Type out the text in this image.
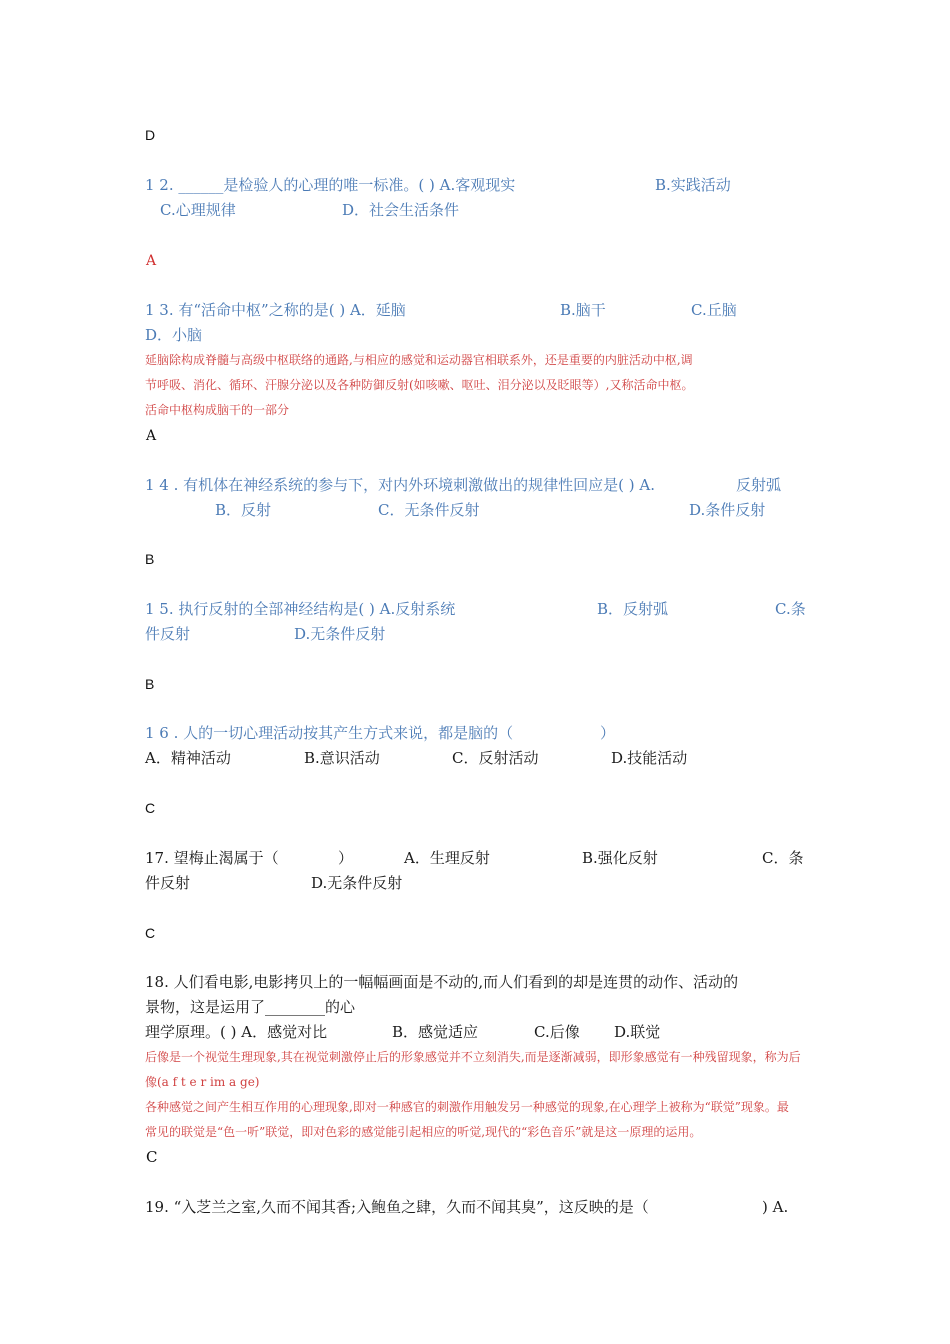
D
1 2. ______是检验人的心理的唯一标准。( ) A.客观现实	B.实践活动
C.心理规律	D．社会生活条件
A
1 3. 有“活命中枢”之称的是( ) A．延脑	B.脑干	C.丘脑
D．小脑
延脑除构成脊髓与高级中枢联络的通路,与相应的感觉和运动器官相联系外，还是重要的内脏活动中枢,调
节呼吸、消化、循环、汗腺分泌以及各种防御反射(如咳嗽、呕吐、泪分泌以及眨眼等）,又称活命中枢。
活命中枢构成脑干的一部分
A
1 4 . 有机体在神经系统的参与下，对内外环境刺激做出的规律性回应是( ) A.	反射弧
B．反射	C．无条件反射	D.条件反射
B
1 5. 执行反射的全部神经结构是( ) A.反射系统	B．反射弧	C.条
件反射	D.无条件反射
B
1 6 . 人的一切心理活动按其产生方式来说，都是脑的（	）
A．精神活动	B.意识活动	C．反射活动	D.技能活动
C
17. 望梅止渴属于（	）	A．生理反射	B.强化反射	C．条
件反射	D.无条件反射
C
18. 人们看电影,电影拷贝上的一幅幅画面是不动的,而人们看到的却是连贯的动作、活动的
景物，这是运用了________的心
理学原理。( ) A．感觉对比	B．感觉适应	C.后像 D.联觉
后像是一个视觉生理现象,其在视觉刺激停止后的形象感觉并不立刻消失,而是逐渐减弱，即形象感觉有一种残留现象，称为后
像(a f t e r im a ge)
各种感觉之间产生相互作用的心理现象,即对一种感官的刺激作用触发另一种感觉的现象,在心理学上被称为“联觉”现象。最
常见的联觉是“色一听”联觉，即对色彩的感觉能引起相应的听觉,现代的“彩色音乐”就是这一原理的运用。
C
19. “入芝兰之室,久而不闻其香;入鲍鱼之肆，久而不闻其臭”，这反映的是（	) A.
